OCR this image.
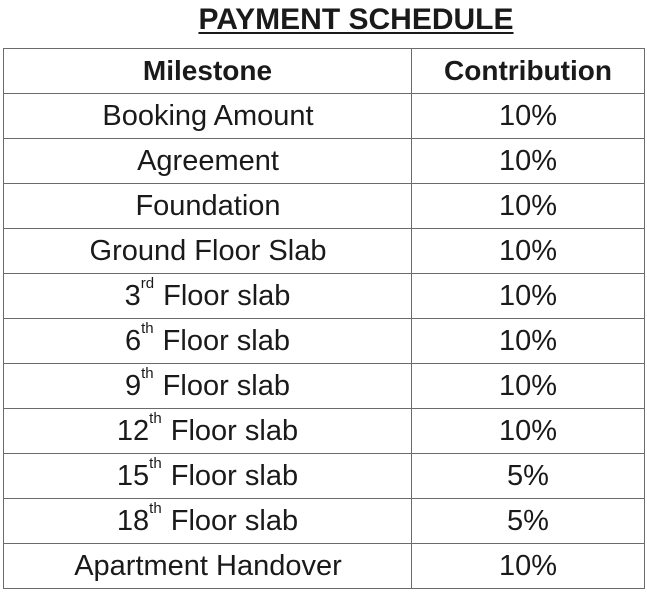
PAYMENT SCHEDULE
Milestone	Contribution
Booking Amount	10%
Agreement	10%
Foundation	10%
Ground Floor Slab	10%
3rd Floor slab	10%
6th Floor slab	10%
9th Floor slab	10%
12th Floor slab	10%
15th Floor slab	5%
18th Floor slab	5%
Apartment Handover	10%
